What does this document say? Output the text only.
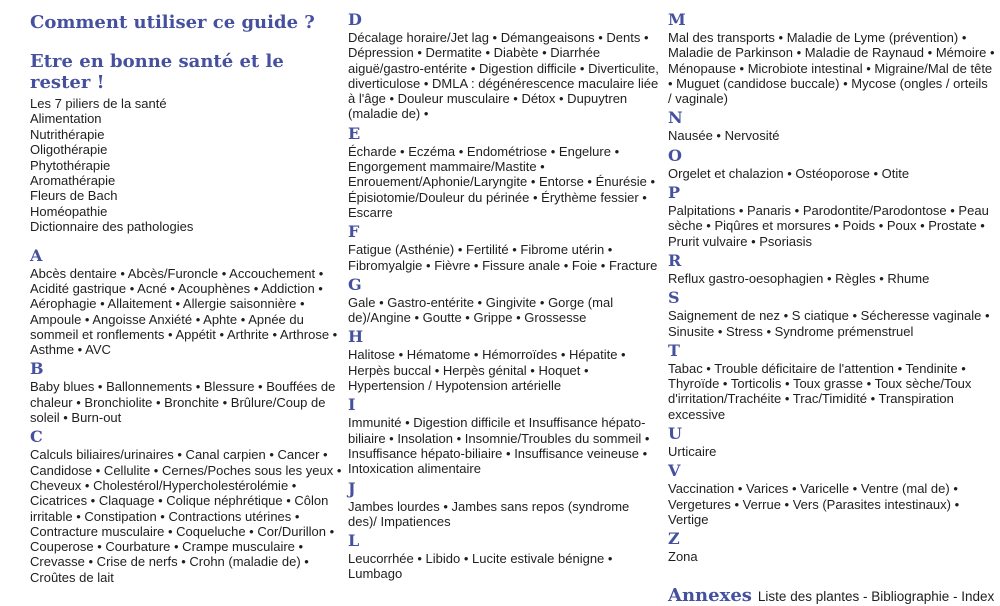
Comment utiliser ce guide ?
Etre en bonne santé et le rester !
Les 7 piliers de la santé
Alimentation
Nutrithérapie
Oligothérapie
Phytothérapie
Aromathérapie
Fleurs de Bach
Homéopathie
Dictionnaire des pathologies
A

Abcès dentaire • Abcès/Furoncle • Accouchement • Acidité gastrique • Acné • Acouphènes • Addiction • Aérophagie • Allaitement • Allergie saisonnière • Ampoule • Angoisse Anxiété • Aphte • Apnée du sommeil et ronflements • Appétit • Arthrite • Arthrose • Asthme • AVC

B

Baby blues • Ballonnements • Blessure • Bouffées de chaleur • Bronchiolite • Bronchite • Brûlure/Coup de soleil • Burn-out

C

Calculs biliaires/urinaires • Canal carpien • Cancer • Candidose • Cellulite • Cernes/Poches sous les yeux • Cheveux • Cholestérol/Hypercholestérolémie • Cicatrices • Claquage • Colique néphrétique • Côlon irritable • Constipation • Contractions utérines • Contracture musculaire • Coqueluche • Cor/Durillon • Couperose • Courbature • Crampe musculaire • Crevasse • Crise de nerfs • Crohn (maladie de) • Croûtes de lait

D

Décalage horaire/Jet lag • Démangeaisons • Dents • Dépression • Dermatite • Diabète • Diarrhée aiguë/gastro-entérite • Digestion difficile • Diverticulite, diverticulose • DMLA : dégénérescence maculaire liée à l'âge • Douleur musculaire • Détox • Dupuytren (maladie de) •

E

Écharde • Eczéma • Endométriose • Engelure • Engorgement mammaire/Mastite • Enrouement/Aphonie/Laryngite • Entorse • Énurésie • Épisiotomie/Douleur du périnée • Érythème fessier • Escarre

F

Fatigue (Asthénie) • Fertilité • Fibrome utérin • Fibromyalgie • Fièvre • Fissure anale • Foie • Fracture

G

Gale • Gastro-entérite • Gingivite • Gorge (mal de)/Angine • Goutte • Grippe • Grossesse

H

Halitose • Hématome • Hémorroïdes • Hépatite • Herpès buccal • Herpès génital • Hoquet • Hypertension / Hypotension artérielle

I

Immunité • Digestion difficile et Insuffisance hépato-biliaire • Insolation • Insomnie/Troubles du sommeil • Insuffisance hépato-biliaire • Insuffisance veineuse • Intoxication alimentaire

J

Jambes lourdes • Jambes sans repos (syndrome des)/ Impatiences

L

Leucorrhée • Libido • Lucite estivale bénigne • Lumbago

M

Mal des transports • Maladie de Lyme (prévention) • Maladie de Parkinson • Maladie de Raynaud • Mémoire • Ménopause • Microbiote intestinal • Migraine/Mal de tête • Muguet (candidose buccale) • Mycose (ongles / orteils / vaginale)

N

Nausée • Nervosité

O

Orgelet et chalazion • Ostéoporose • Otite

P

Palpitations • Panaris • Parodontite/Parodontose • Peau sèche • Piqûres et morsures • Poids • Poux • Prostate • Prurit vulvaire • Psoriasis

R

Reflux gastro-oesophagien • Règles • Rhume

S

Saignement de nez • S ciatique • Sécheresse vaginale • Sinusite • Stress • Syndrome prémenstruel

T

Tabac • Trouble déficitaire de l'attention • Tendinite • Thyroïde • Torticolis • Toux grasse • Toux sèche/Toux d'irritation/Trachéite • Trac/Timidité • Transpiration excessive

U

Urticaire

V

Vaccination • Varices • Varicelle • Ventre (mal de) • Vergetures • Verrue • Vers (Parasites intestinaux) • Vertige

Z

Zona

Annexes Liste des plantes - Bibliographie - Index
